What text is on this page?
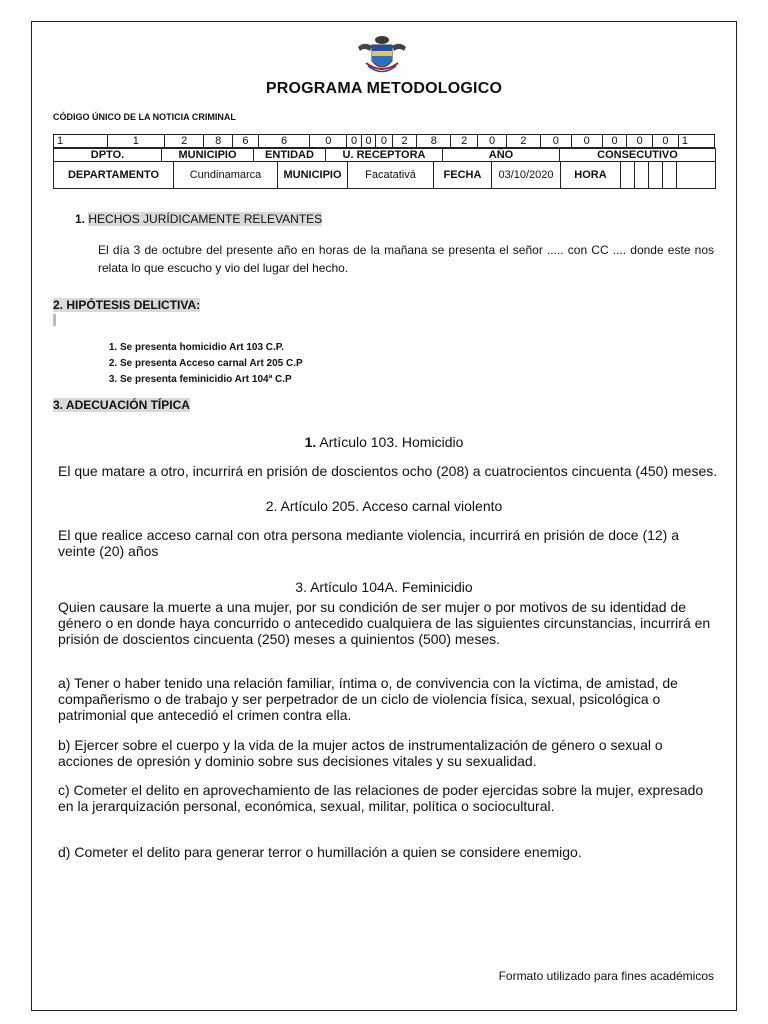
PROGRAMA METODOLOGICO
CÓDIGO ÚNICO DE LA NOTICIA CRIMINAL
1	1	2	8	6	6	0	0	0	0	2	8	2	0	2	0	0	0	0	0	1
DPTO.	MUNICIPIO	ENTIDAD	U. RECEPTORA	AÑO	CONSECUTIVO
DEPARTAMENTO	Cundinamarca	MUNICIPIO	Facatativá	FECHA	03/10/2020	HORA					
1. HECHOS JURÍDICAMENTE RELEVANTES
El día 3 de octubre del presente año en horas de la mañana se presenta el señor ..... con CC .... donde este nos relata lo que escucho y vio del lugar del hecho.
2. HIPÓTESIS DELICTIVA:
1. Se presenta homicidio Art 103 C.P.
2. Se presenta Acceso carnal Art 205 C.P
3. Se presenta feminicidio Art 104ª C.P
3. ADECUACIÓN TÍPICA
1. Artículo 103. Homicidio
El que matare a otro, incurrirá en prisión de doscientos ocho (208) a cuatrocientos cincuenta (450) meses.
2. Artículo 205. Acceso carnal violento
El que realice acceso carnal con otra persona mediante violencia, incurrirá en prisión de doce (12) a veinte (20) años
3. Artículo 104A. Feminicidio
Quien causare la muerte a una mujer, por su condición de ser mujer o por motivos de su identidad de género o en donde haya concurrido o antecedido cualquiera de las siguientes circunstancias, incurrirá en prisión de doscientos cincuenta (250) meses a quinientos (500) meses.
a) Tener o haber tenido una relación familiar, íntima o, de convivencia con la víctima, de amistad, de compañerismo o de trabajo y ser perpetrador de un ciclo de violencia física, sexual, psicológica o patrimonial que antecedió el crimen contra ella.
b) Ejercer sobre el cuerpo y la vida de la mujer actos de instrumentalización de género o sexual o acciones de opresión y dominio sobre sus decisiones vitales y su sexualidad.
c) Cometer el delito en aprovechamiento de las relaciones de poder ejercidas sobre la mujer, expresado en la jerarquización personal, económica, sexual, militar, política o sociocultural.
d) Cometer el delito para generar terror o humillación a quien se considere enemigo.
Formato utilizado para fines académicos
